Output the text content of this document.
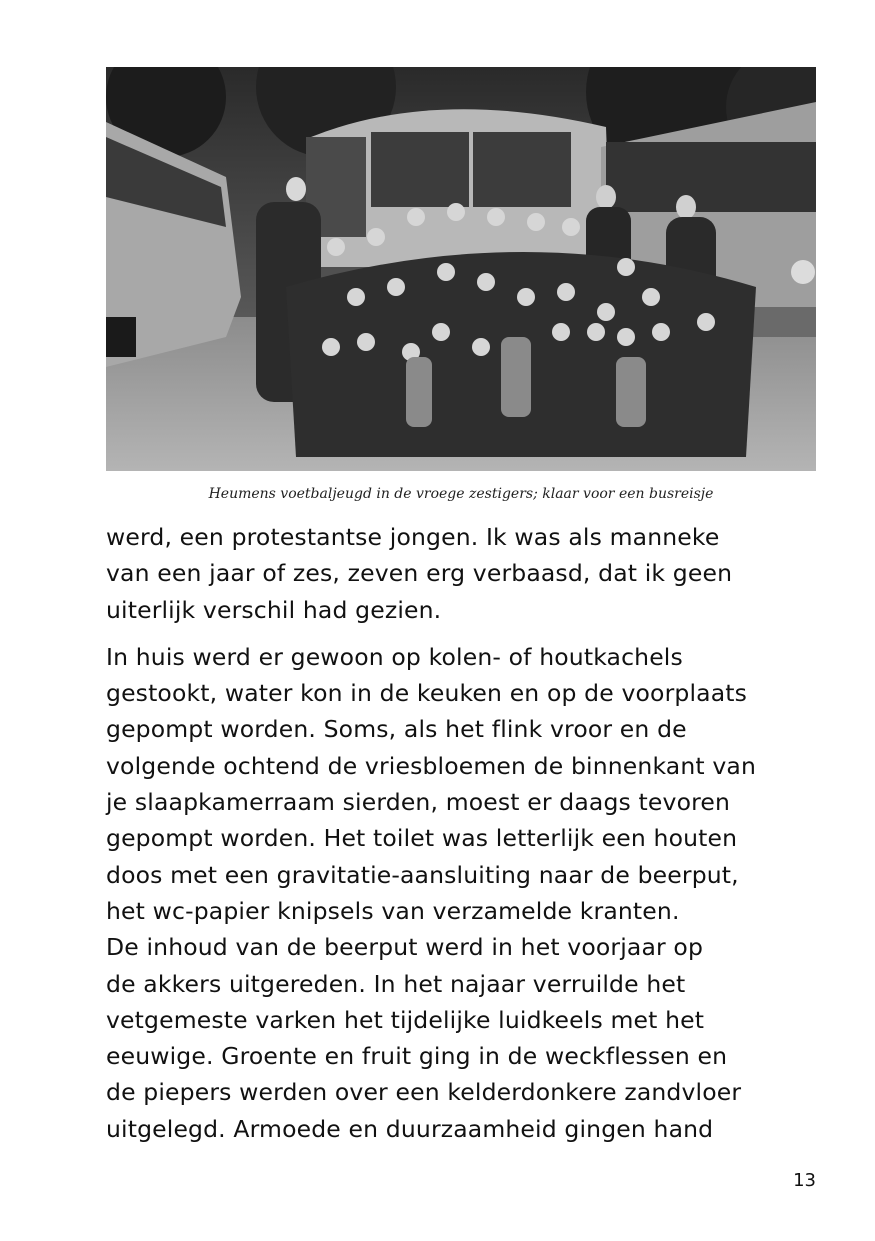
Heumens voetbaljeugd in de vroege zestigers; klaar voor een busreisje

werd, een protestantse jongen. Ik was als manneke
van een jaar of zes, zeven erg verbaasd, dat ik geen
uiterlijk verschil had gezien.
In huis werd er gewoon op kolen- of houtkachels
gestookt, water kon in de keuken en op de voorplaats
gepompt worden. Soms, als het flink vroor en de
volgende ochtend de vriesbloemen de binnenkant van
je slaapkamerraam sierden, moest er daags tevoren
gepompt worden. Het toilet was letterlijk een houten
doos met een gravitatie-aansluiting naar de beerput,
het wc-papier knipsels van verzamelde kranten.
De inhoud van de beerput werd in het voorjaar op
de akkers uitgereden. In het najaar verruilde het
vetgemeste varken het tijdelijke luidkeels met het
eeuwige. Groente en fruit ging in de weckflessen en
de piepers werden over een kelderdonkere zandvloer
uitgelegd. Armoede en duurzaamheid gingen hand
13
